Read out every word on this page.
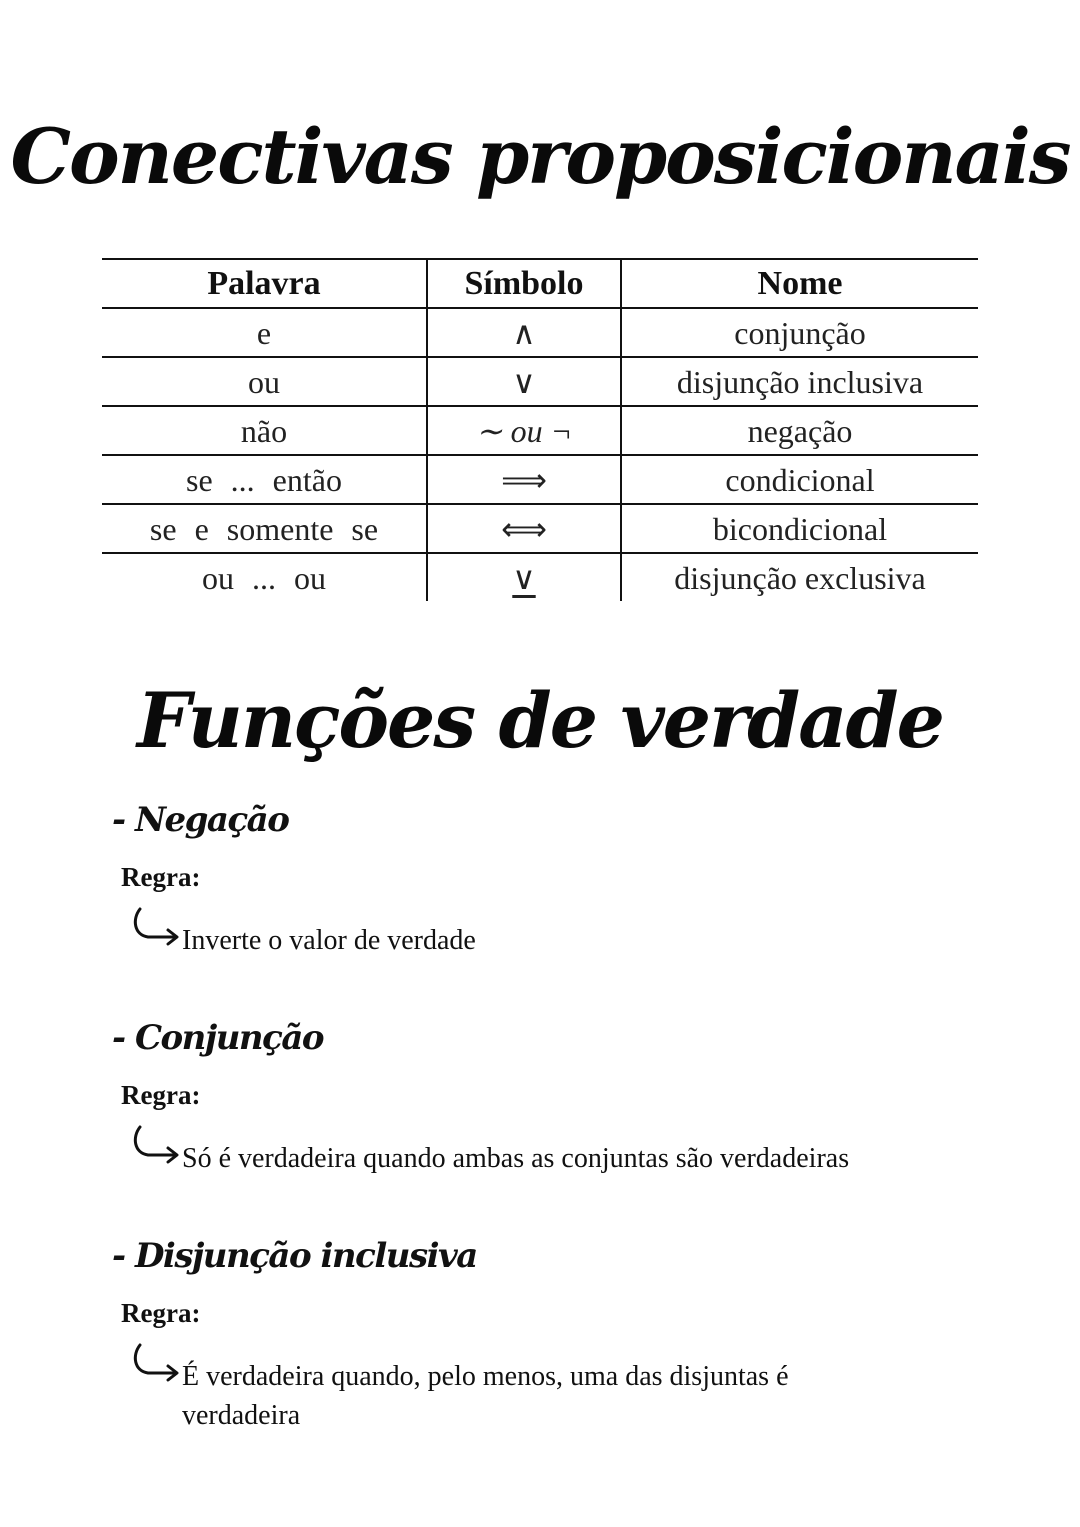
Conectivas proposicionais
Palavra	Símbolo	Nome
e	∧	conjunção
ou	∨	disjunção inclusiva
não	∼ ou ¬	negação
se ... então	⟹	condicional
se e somente se	⟺	bicondicional
ou ... ou	∨	disjunção exclusiva
Funções de verdade
- Negação
Regra:
Inverte o valor de verdade
- Conjunção
Regra:
Só é verdadeira quando ambas as conjuntas são verdadeiras
- Disjunção inclusiva
Regra:
É verdadeira quando, pelo menos, uma das disjuntas é verdadeira
